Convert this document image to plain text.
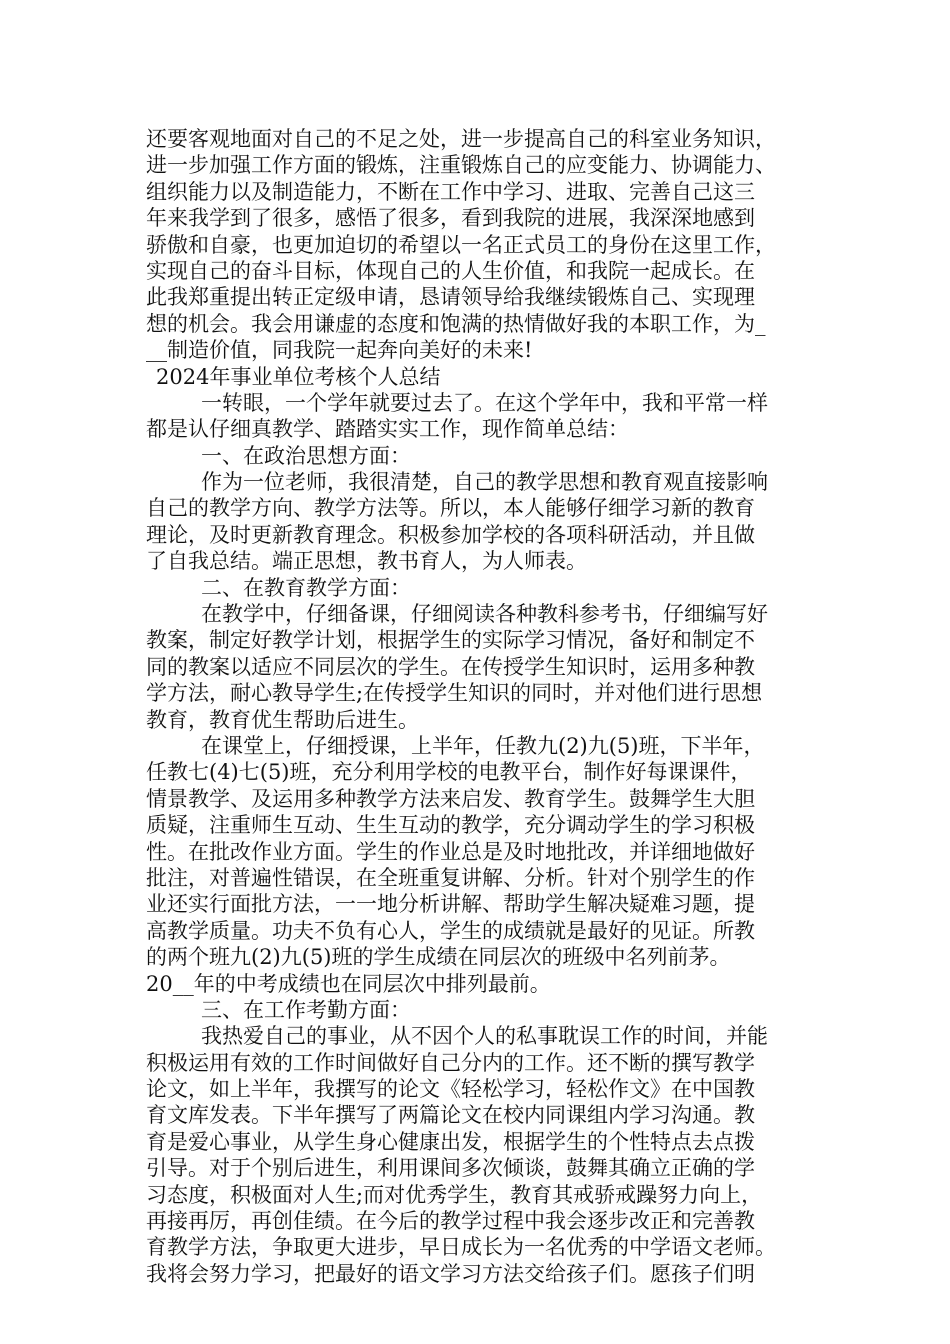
还要客观地面对自己的不足之处，进一步提高自己的科室业务知识，
进一步加强工作方面的锻炼，注重锻炼自己的应变能力、协调能力、
组织能力以及制造能力，不断在工作中学习、进取、完善自己这三
年来我学到了很多，感悟了很多，看到我院的进展，我深深地感到
骄傲和自豪，也更加迫切的希望以一名正式员工的身份在这里工作，
实现自己的奋斗目标，体现自己的人生价值，和我院一起成长。在
此我郑重提出转正定级申请，恳请领导给我继续锻炼自己、实现理
想的机会。我会用谦虚的态度和饱满的热情做好我的本职工作，为_
__制造价值，同我院一起奔向美好的未来!
2024年事业单位考核个人总结
一转眼，一个学年就要过去了。在这个学年中，我和平常一样
都是认仔细真教学、踏踏实实工作，现作简单总结：
一、在政治思想方面：
作为一位老师，我很清楚，自己的教学思想和教育观直接影响
自己的教学方向、教学方法等。所以，本人能够仔细学习新的教育
理论，及时更新教育理念。积极参加学校的各项科研活动，并且做
了自我总结。端正思想，教书育人，为人师表。
二、在教育教学方面：
在教学中，仔细备课，仔细阅读各种教科参考书，仔细编写好
教案，制定好教学计划，根据学生的实际学习情况，备好和制定不
同的教案以适应不同层次的学生。在传授学生知识时，运用多种教
学方法，耐心教导学生;在传授学生知识的同时，并对他们进行思想
教育，教育优生帮助后进生。
在课堂上，仔细授课，上半年，任教九(2)九(5)班，下半年，
任教七(4)七(5)班，充分利用学校的电教平台，制作好每课课件，
情景教学、及运用多种教学方法来启发、教育学生。鼓舞学生大胆
质疑，注重师生互动、生生互动的教学，充分调动学生的学习积极
性。在批改作业方面。学生的作业总是及时地批改，并详细地做好
批注，对普遍性错误，在全班重复讲解、分析。针对个别学生的作
业还实行面批方法，一一地分析讲解、帮助学生解决疑难习题，提
高教学质量。功夫不负有心人，学生的成绩就是最好的见证。所教
的两个班九(2)九(5)班的学生成绩在同层次的班级中名列前茅。
20__年的中考成绩也在同层次中排列最前。
三、在工作考勤方面：
我热爱自己的事业，从不因个人的私事耽误工作的时间，并能
积极运用有效的工作时间做好自己分内的工作。还不断的撰写教学
论文，如上半年，我撰写的论文《轻松学习，轻松作文》在中国教
育文库发表。下半年撰写了两篇论文在校内同课组内学习沟通。教
育是爱心事业，从学生身心健康出发，根据学生的个性特点去点拨
引导。对于个别后进生，利用课间多次倾谈，鼓舞其确立正确的学
习态度，积极面对人生;而对优秀学生，教育其戒骄戒躁努力向上，
再接再厉，再创佳绩。在今后的教学过程中我会逐步改正和完善教
育教学方法，争取更大进步，早日成长为一名优秀的中学语文老师。
我将会努力学习，把最好的语文学习方法交给孩子们。愿孩子们明
